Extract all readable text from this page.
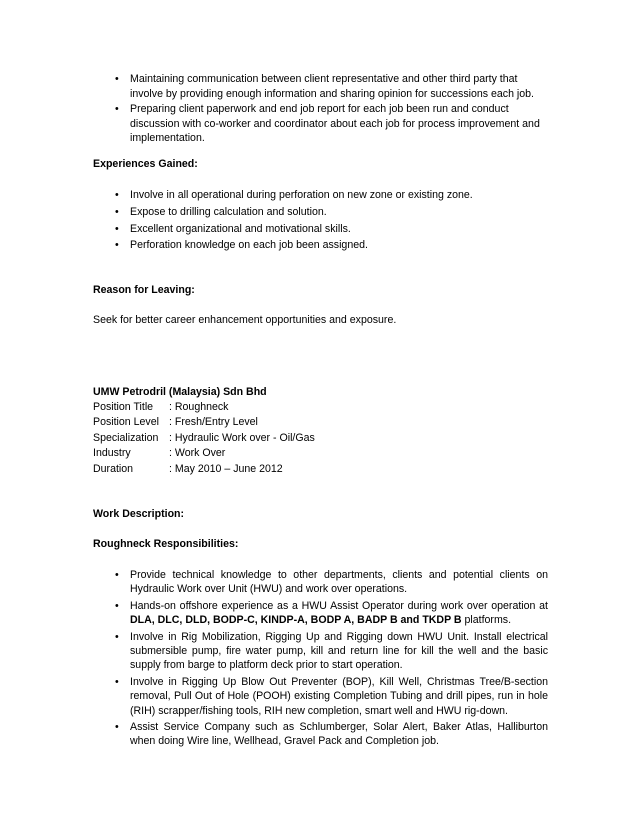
• Maintaining communication between client representative and other third party that involve by providing enough information and sharing opinion for successions each job.
• Preparing client paperwork and end job report for each job been run and conduct discussion with co-worker and coordinator about each job for process improvement and implementation.
Experiences Gained:
• Involve in all operational during perforation on new zone or existing zone.
• Expose to drilling calculation and solution.
• Excellent organizational and motivational skills.
• Perforation knowledge on each job been assigned.
Reason for Leaving:
Seek for better career enhancement opportunities and exposure.
UMW Petrodril (Malaysia) Sdn Bhd
Position Title	: Roughneck
Position Level : Fresh/Entry Level
Specialization	: Hydraulic Work over - Oil/Gas
Industry	: Work Over
Duration	: May 2010 – June 2012
Work Description:
Roughneck Responsibilities:
• Provide technical knowledge to other departments, clients and potential clients on Hydraulic Work over Unit (HWU) and work over operations.
• Hands-on offshore experience as a HWU Assist Operator during work over operation at DLA, DLC, DLD, BODP-C, KINDP-A, BODP A, BADP B and TKDP B platforms.
• Involve in Rig Mobilization, Rigging Up and Rigging down HWU Unit. Install electrical submersible pump, fire water pump, kill and return line for kill the well and the basic supply from barge to platform deck prior to start operation.
• Involve in Rigging Up Blow Out Preventer (BOP), Kill Well, Christmas Tree/B-section removal, Pull Out of Hole (POOH) existing Completion Tubing and drill pipes, run in hole (RIH) scrapper/fishing tools, RIH new completion, smart well and HWU rig-down.
• Assist Service Company such as Schlumberger, Solar Alert, Baker Atlas, Halliburton when doing Wire line, Wellhead, Gravel Pack and Completion job.
